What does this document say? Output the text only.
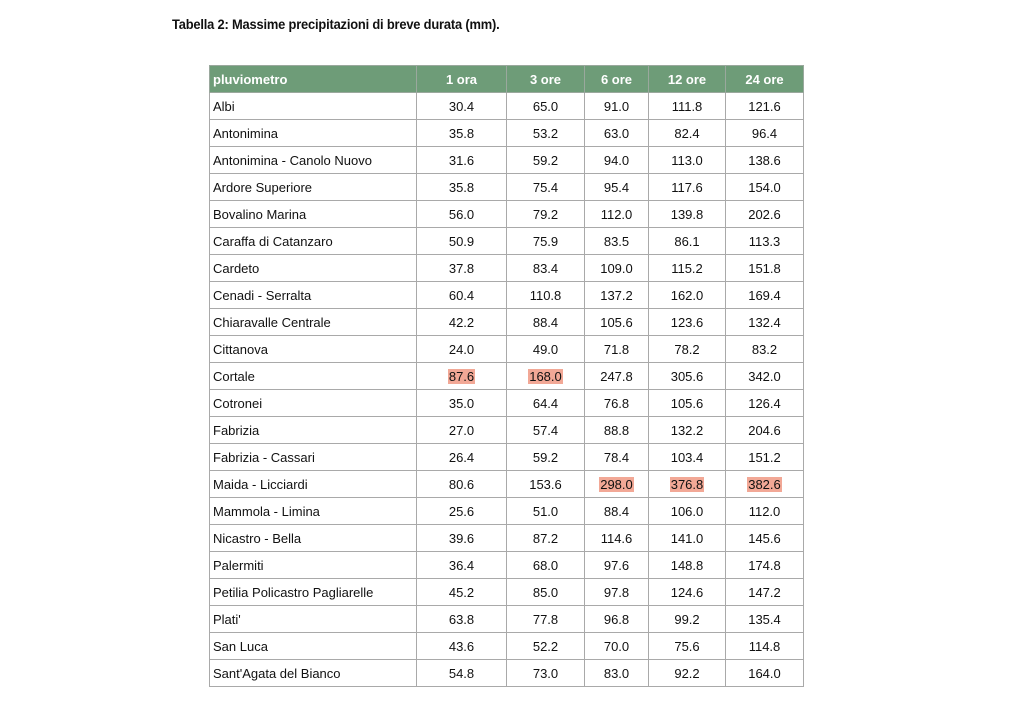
Tabella 2: Massime precipitazioni di breve durata (mm).
pluviometro	1 ora	3 ore	6 ore	12 ore	24 ore
Albi	30.4	65.0	91.0	111.8	121.6
Antonimina	35.8	53.2	63.0	82.4	96.4
Antonimina - Canolo Nuovo	31.6	59.2	94.0	113.0	138.6
Ardore Superiore	35.8	75.4	95.4	117.6	154.0
Bovalino Marina	56.0	79.2	112.0	139.8	202.6
Caraffa di Catanzaro	50.9	75.9	83.5	86.1	113.3
Cardeto	37.8	83.4	109.0	115.2	151.8
Cenadi - Serralta	60.4	110.8	137.2	162.0	169.4
Chiaravalle Centrale	42.2	88.4	105.6	123.6	132.4
Cittanova	24.0	49.0	71.8	78.2	83.2
Cortale	87.6	168.0	247.8	305.6	342.0
Cotronei	35.0	64.4	76.8	105.6	126.4
Fabrizia	27.0	57.4	88.8	132.2	204.6
Fabrizia - Cassari	26.4	59.2	78.4	103.4	151.2
Maida - Licciardi	80.6	153.6	298.0	376.8	382.6
Mammola - Limina	25.6	51.0	88.4	106.0	112.0
Nicastro - Bella	39.6	87.2	114.6	141.0	145.6
Palermiti	36.4	68.0	97.6	148.8	174.8
Petilia Policastro Pagliarelle	45.2	85.0	97.8	124.6	147.2
Plati'	63.8	77.8	96.8	99.2	135.4
San Luca	43.6	52.2	70.0	75.6	114.8
Sant'Agata del Bianco	54.8	73.0	83.0	92.2	164.0
